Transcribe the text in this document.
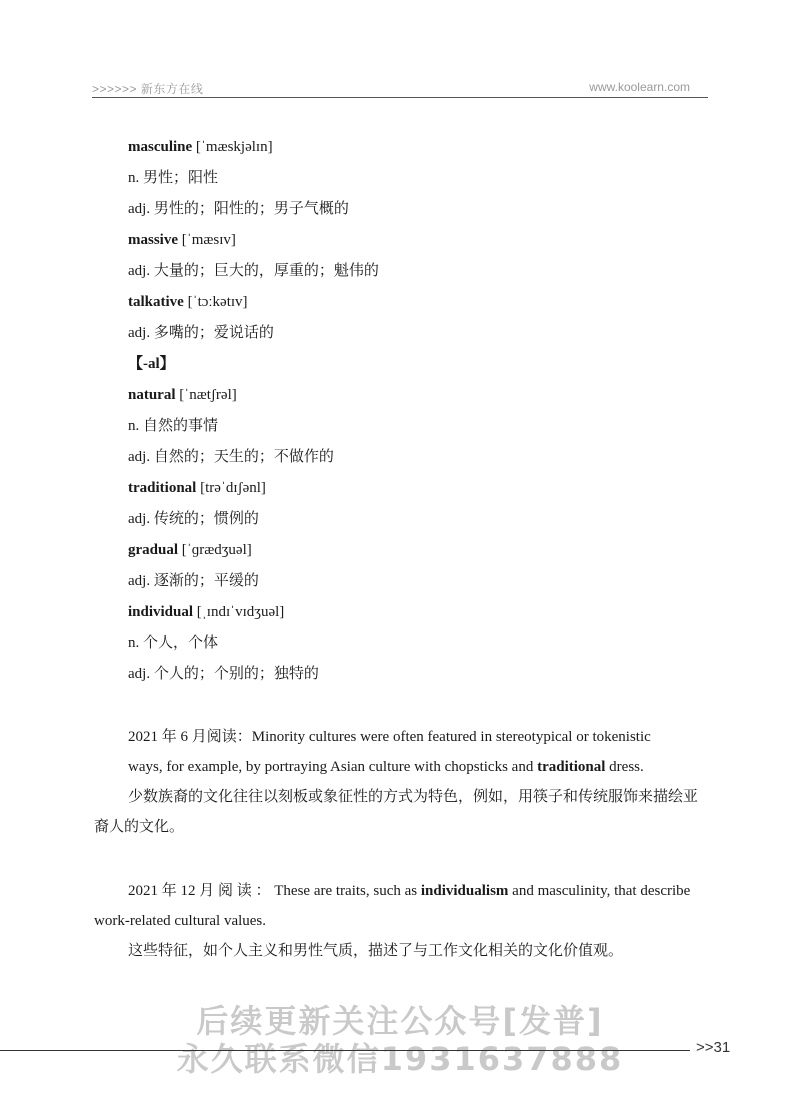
>>>>>> 新东方在线	www.koolearn.com
masculine [ˈmæskjəlɪn]
n. 男性；阳性
adj. 男性的；阳性的；男子气概的
massive [ˈmæsɪv]
adj. 大量的；巨大的，厚重的；魁伟的
talkative [ˈtɔːkətɪv]
adj. 多嘴的；爱说话的
【-al】
natural [ˈnætʃrəl]
n. 自然的事情
adj. 自然的；天生的；不做作的
traditional [trəˈdɪʃənl]
adj. 传统的；惯例的
gradual [ˈɡrædʒuəl]
adj. 逐渐的；平缓的
individual [ˌɪndɪˈvɪdʒuəl]
n. 个人，个体
adj. 个人的；个别的；独特的
2021 年 6 月阅读：Minority cultures were often featured in stereotypical or tokenistic
ways, for example, by portraying Asian culture with chopsticks and traditional dress.
少数族裔的文化往往以刻板或象征性的方式为特色，例如，用筷子和传统服饰来描绘亚
裔人的文化。
2021 年 12 月 阅 读 ： These are traits, such as individualism and masculinity, that describe
work-related cultural values.
这些特征，如个人主义和男性气质，描述了与工作文化相关的文化价值观。
后续更新关注公众号[发普]
永久联系微信1931637888	>>31
